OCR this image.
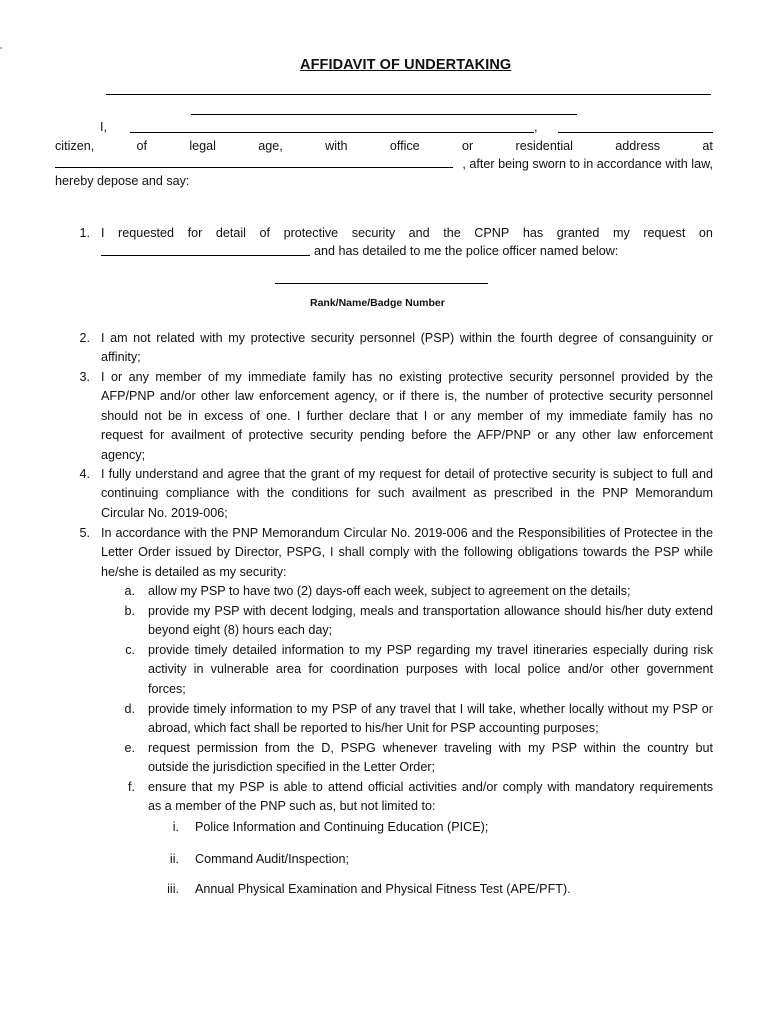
AFFIDAVIT OF UNDERTAKING
I,	,
citizen,	of	legal	age,	with	office	or	residential	address	at
, after being sworn to in accordance with law,
hereby depose and say:
1. I requested for detail of protective security and the CPNP has granted my request on
and has detailed to me the police officer named below:
Rank/Name/Badge Number
2. I am not related with my protective security personnel (PSP) within the fourth degree of consanguinity or
affinity;
3. I or any member of my immediate family has no existing protective security personnel provided by the
AFP/PNP and/or other law enforcement agency, or if there is, the number of protective security personnel
should not be in excess of one. I further declare that I or any member of my immediate family has no
request for availment of protective security pending before the AFP/PNP or any other law enforcement
agency;
4. I fully understand and agree that the grant of my request for detail of protective security is subject to full and
continuing compliance with the conditions for such availment as prescribed in the PNP Memorandum
Circular No. 2019-006;
5. In accordance with the PNP Memorandum Circular No. 2019-006 and the Responsibilities of Protectee in the
Letter Order issued by Director, PSPG, I shall comply with the following obligations towards the PSP while
he/she is detailed as my security:
a. allow my PSP to have two (2) days-off each week, subject to agreement on the details;
b. provide my PSP with decent lodging, meals and transportation allowance should his/her duty extend
beyond eight (8) hours each day;
c. provide timely detailed information to my PSP regarding my travel itineraries especially during risk
activity in vulnerable area for coordination purposes with local police and/or other government
forces;
d. provide timely information to my PSP of any travel that I will take, whether locally without my PSP or
abroad, which fact shall be reported to his/her Unit for PSP accounting purposes;
e. request permission from the D, PSPG whenever traveling with my PSP within the country but
outside the jurisdiction specified in the Letter Order;
f. ensure that my PSP is able to attend official activities and/or comply with mandatory requirements
as a member of the PNP such as, but not limited to:
i. Police Information and Continuing Education (PICE);
ii. Command Audit/Inspection;
iii. Annual Physical Examination and Physical Fitness Test (APE/PFT).
